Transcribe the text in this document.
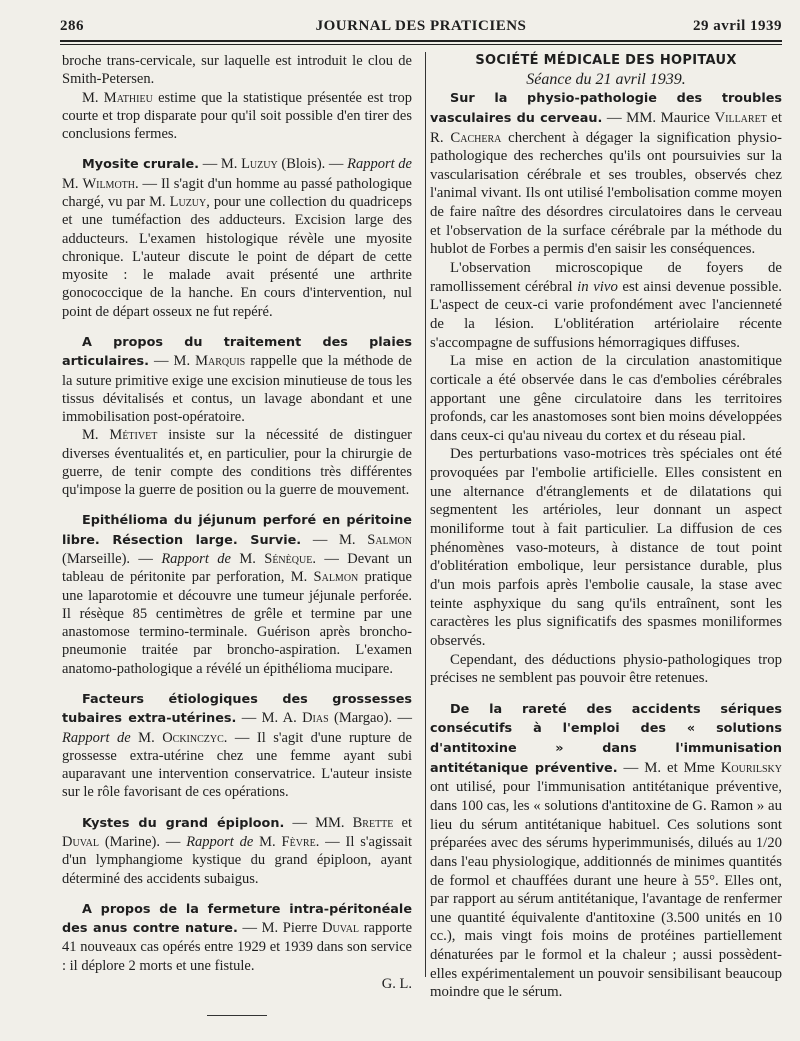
286	JOURNAL DES PRATICIENS	29 avril 1939

broche trans-cervicale, sur laquelle est introduit le clou de Smith-Petersen.

M. Mathieu estime que la statistique présentée est trop courte et trop disparate pour qu'il soit possible d'en tirer des conclusions fermes.

Myosite crurale. — M. Luzuy (Blois). — Rapport de M. Wilmoth. — Il s'agit d'un homme au passé pathologique chargé, vu par M. Luzuy, pour une collection du quadriceps et une tuméfaction des adducteurs. Excision large des adducteurs. L'examen histologique révèle une myosite chronique. L'auteur discute le point de départ de cette myosite : le malade avait présenté une arthrite gonococcique de la hanche. En cours d'intervention, nul point de départ osseux ne fut repéré.

A propos du traitement des plaies articulaires. — M. Marquis rappelle que la méthode de la suture primitive exige une excision minutieuse de tous les tissus dévitalisés et contus, un lavage abondant et une immobilisation post-opératoire.

M. Métivet insiste sur la nécessité de distinguer diverses éventualités et, en particulier, pour la chirurgie de guerre, de tenir compte des conditions très différentes qu'impose la guerre de position ou la guerre de mouvement.

Epithélioma du jéjunum perforé en péritoine libre. Résection large. Survie. — M. Salmon (Marseille). — Rapport de M. Sénèque. — Devant un tableau de péritonite par perforation, M. Salmon pratique une laparotomie et découvre une tumeur jéjunale perforée. Il résèque 85 centimètres de grêle et termine par une anastomose termino-terminale. Guérison après broncho-pneumonie traitée par broncho-aspiration. L'examen anatomo-pathologique a révélé un épithélioma mucipare.

Facteurs étiologiques des grossesses tubaires extra-utérines. — M. A. Dias (Margao). — Rapport de M. Ockinczyc. — Il s'agit d'une rupture de grossesse extra-utérine chez une femme ayant subi auparavant une intervention conservatrice. L'auteur insiste sur le rôle favorisant de ces opérations.

Kystes du grand épiploon. — MM. Brette et Duval (Marine). — Rapport de M. Fèvre. — Il s'agissait d'un lymphangiome kystique du grand épiploon, ayant déterminé des accidents subaigus.

A propos de la fermeture intra-péritonéale des anus contre nature. — M. Pierre Duval rapporte 41 nouveaux cas opérés entre 1929 et 1939 dans son service : il déplore 2 morts et une fistule.

G. L.

SOCIÉTÉ MÉDICALE DES HOPITAUX

Séance du 21 avril 1939.

Sur la physio-pathologie des troubles vasculaires du cerveau. — MM. Maurice Villaret et R. Cachera cherchent à dégager la signification physio-pathologique des recherches qu'ils ont poursuivies sur la vascularisation cérébrale et ses troubles, observés chez l'animal vivant. Ils ont utilisé l'embolisation comme moyen de faire naître des désordres circulatoires dans le cerveau et l'observation de la surface cérébrale par la méthode du hublot de Forbes a permis d'en saisir les conséquences.

L'observation microscopique de foyers de ramollissement cérébral in vivo est ainsi devenue possible. L'aspect de ceux-ci varie profondément avec l'ancienneté de la lésion. L'oblitération artériolaire récente s'accompagne de suffusions hémorragiques diffuses.

La mise en action de la circulation anastomitique corticale a été observée dans le cas d'embolies cérébrales apportant une gêne circulatoire dans les territoires profonds, car les anastomoses sont bien moins développées dans ceux-ci qu'au niveau du cortex et du réseau pial.

Des perturbations vaso-motrices très spéciales ont été provoquées par l'embolie artificielle. Elles consistent en une alternance d'étranglements et de dilatations qui segmentent les artérioles, leur donnant un aspect moniliforme tout à fait particulier. La diffusion de ces phénomènes vaso-moteurs, à distance de tout point d'oblitération embolique, leur persistance durable, plus d'un mois parfois après l'embolie causale, la stase avec teinte asphyxique du sang qu'ils entraînent, sont les caractères les plus significatifs des spasmes moniliformes observés.

Cependant, des déductions physio-pathologiques trop précises ne semblent pas pouvoir être retenues.

De la rareté des accidents sériques consécutifs à l'emploi des « solutions d'antitoxine » dans l'immunisation antitétanique préventive. — M. et Mme Kourilsky ont utilisé, pour l'immunisation antitétanique préventive, dans 100 cas, les « solutions d'antitoxine de G. Ramon » au lieu du sérum antitétanique habituel. Ces solutions sont préparées avec des sérums hyperimmunisés, dilués au 1/20 dans l'eau physiologique, additionnés de minimes quantités de formol et chauffées durant une heure à 55°. Elles ont, par rapport au sérum antitétanique, l'avantage de renfermer une quantité équivalente d'antitoxine (3.500 unités en 10 cc.), mais vingt fois moins de protéines partiellement dénaturées par le formol et la chaleur ; aussi possèdent-elles expérimentalement un pouvoir sensibilisant beaucoup moindre que le sérum.
